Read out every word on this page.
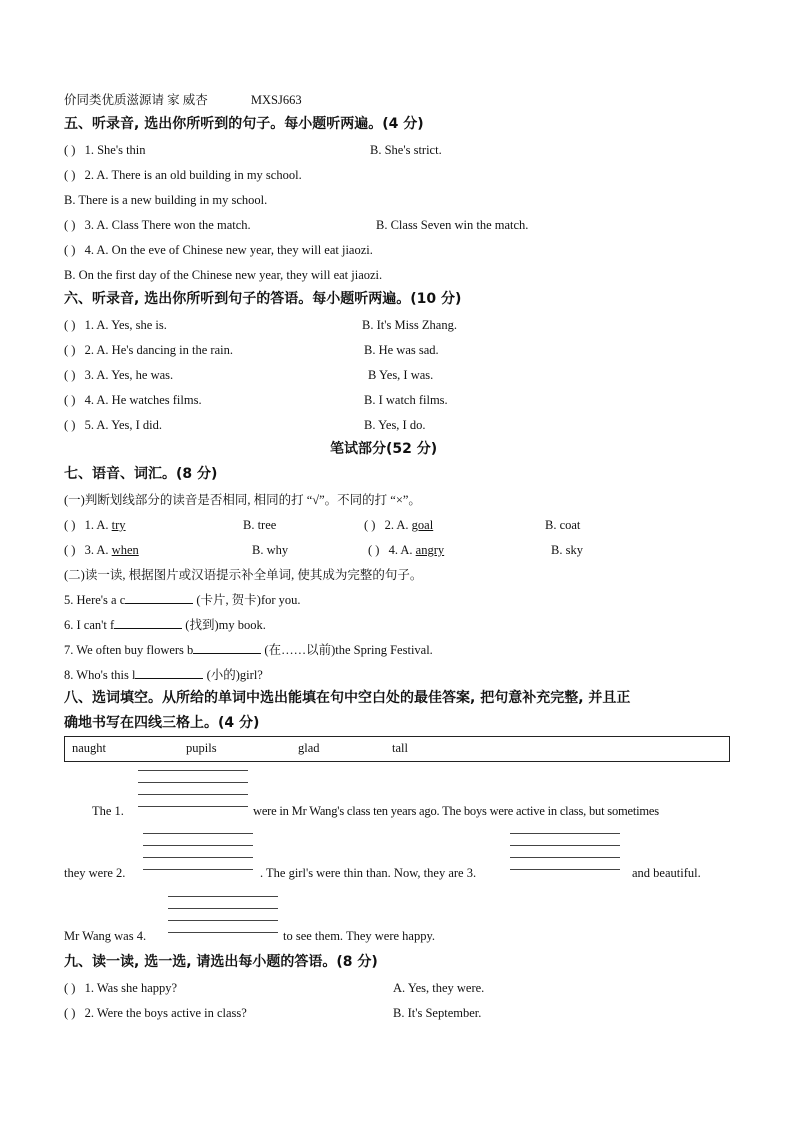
价同类优质滋源请 家 威杏	MXSJ663
五、听录音, 选出你所听到的句子。每小题听两遍。(4 分)
( ) 1. She's thin	B. She's strict.
( ) 2. A. There is an old building in my school.
B. There is a new building in my school.
( ) 3. A. Class There won the match.	B. Class Seven win the match.
( ) 4. A. On the eve of Chinese new year, they will eat jiaozi.
B. On the first day of the Chinese new year, they will eat jiaozi.
六、听录音, 选出你所听到句子的答语。每小题听两遍。(10 分)
( ) 1. A. Yes, she is.	B. It's Miss Zhang.
( ) 2. A. He's dancing in the rain.	B. He was sad.
( ) 3. A. Yes, he was.	B Yes, I was.
( ) 4. A. He watches films.	B. I watch films.
( ) 5. A. Yes, I did.	B. Yes, I do.
笔试部分(52 分)
七、语音、词汇。(8 分)
(一)判断划线部分的读音是否相同, 相同的打 “√”。不同的打 “×”。
( ) 1. A. try	B. tree	( ) 2. A. goal	B. coat
( ) 3. A. when	B. why	( ) 4. A. angry	B. sky
(二)读一读, 根据图片或汉语提示补全单词, 使其成为完整的句子。
5. Here's a c	(卡片, 贺卡)for you.
6. I can't f	(找到)my book.
7. We often buy flowers b	(在……以前)the Spring Festival.
8. Who's this l	(小的)girl?
八、选词填空。从所给的单词中选出能填在句中空白处的最佳答案, 把句意补充完整, 并且正
确地书写在四线三格上。(4 分)
naught	pupils	glad	tall
The 1.	were in Mr Wang's class ten years ago. The boys were active in class, but sometimes
they were 2.	. The girl's were thin than. Now, they are 3.	and beautiful.
Mr Wang was 4.	to see them. They were happy.
九、读一读, 选一选, 请选出每小题的答语。(8 分)
( ) 1. Was she happy?	A. Yes, they were.
( ) 2. Were the boys active in class?	B. It's September.
